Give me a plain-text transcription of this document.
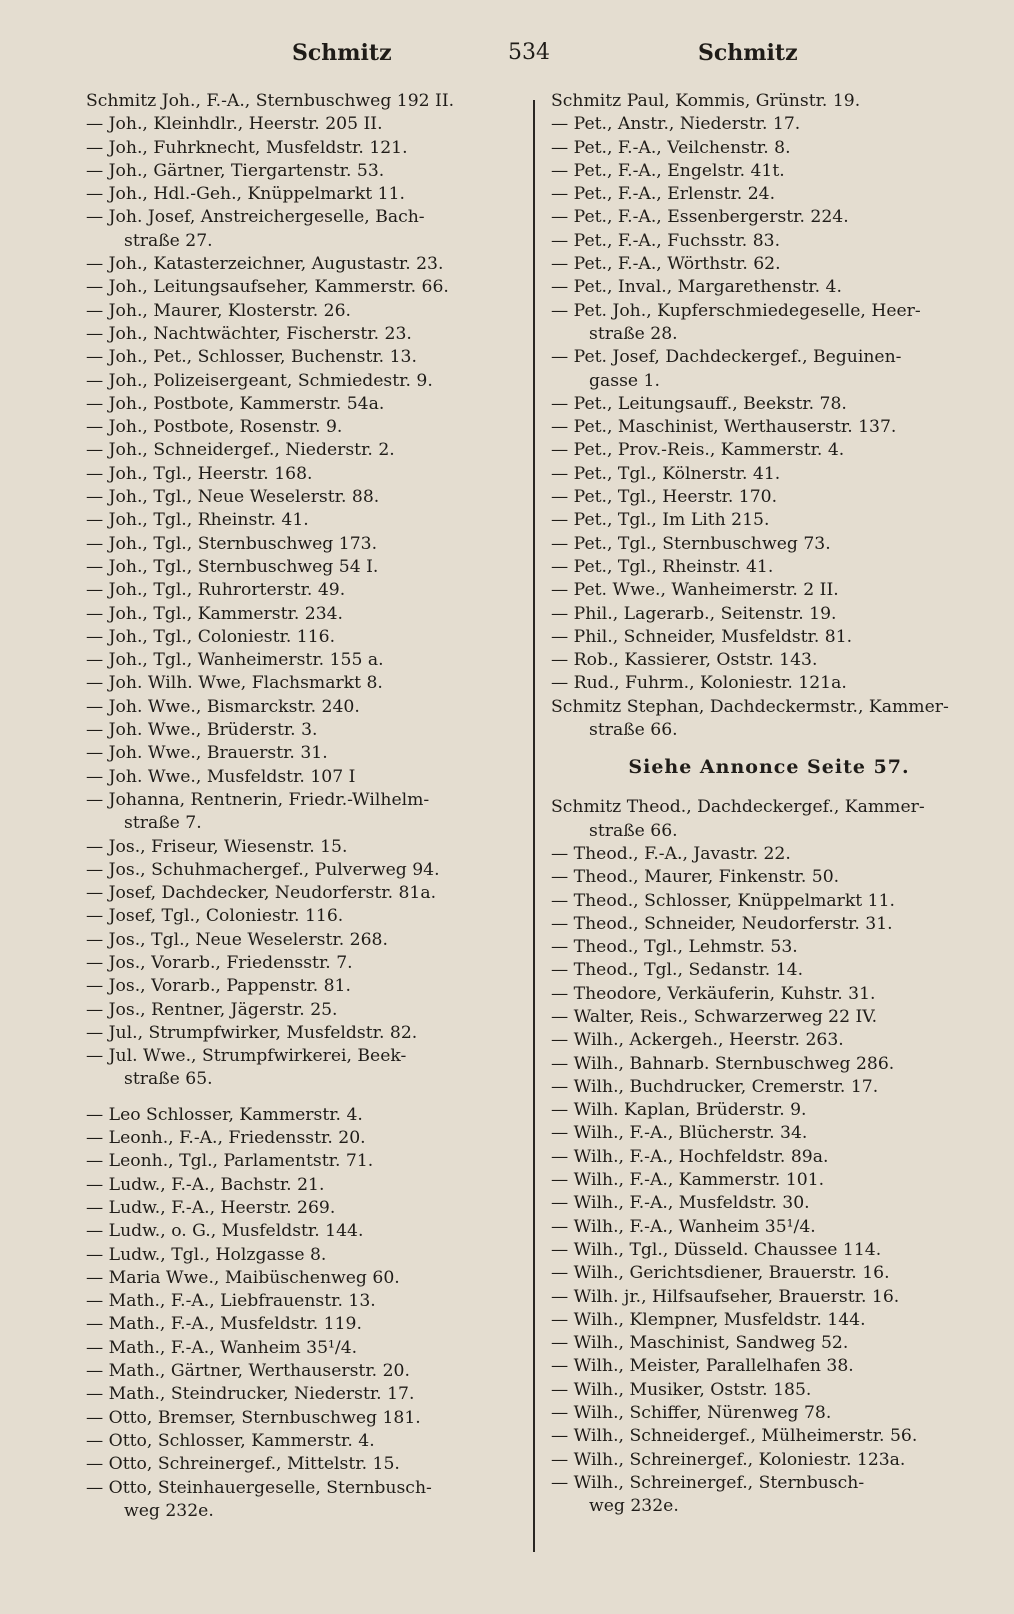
Schmitz	534	Schmitz
Schmitz Joh., F.-A., Sternbuschweg 192 II.
— Joh., Kleinhdlr., Heerstr. 205 II.
— Joh., Fuhrknecht, Musfeldstr. 121.
— Joh., Gärtner, Tiergartenstr. 53.
— Joh., Hdl.-Geh., Knüppelmarkt 11.
— Joh. Josef, Anstreichergeselle, Bach-
straße 27.
— Joh., Katasterzeichner, Augustastr. 23.
— Joh., Leitungsaufseher, Kammerstr. 66.
— Joh., Maurer, Klosterstr. 26.
— Joh., Nachtwächter, Fischerstr. 23.
— Joh., Pet., Schlosser, Buchenstr. 13.
— Joh., Polizeisergeant, Schmiedestr. 9.
— Joh., Postbote, Kammerstr. 54a.
— Joh., Postbote, Rosenstr. 9.
— Joh., Schneidergef., Niederstr. 2.
— Joh., Tgl., Heerstr. 168.
— Joh., Tgl., Neue Weselerstr. 88.
— Joh., Tgl., Rheinstr. 41.
— Joh., Tgl., Sternbuschweg 173.
— Joh., Tgl., Sternbuschweg 54 I.
— Joh., Tgl., Ruhrorterstr. 49.
— Joh., Tgl., Kammerstr. 234.
— Joh., Tgl., Coloniestr. 116.
— Joh., Tgl., Wanheimerstr. 155 a.
— Joh. Wilh. Wwe, Flachsmarkt 8.
— Joh. Wwe., Bismarckstr. 240.
— Joh. Wwe., Brüderstr. 3.
— Joh. Wwe., Brauerstr. 31.
— Joh. Wwe., Musfeldstr. 107 I
— Johanna, Rentnerin, Friedr.-Wilhelm-
straße 7.
— Jos., Friseur, Wiesenstr. 15.
— Jos., Schuhmachergef., Pulverweg 94.
— Josef, Dachdecker, Neudorferstr. 81a.
— Josef, Tgl., Coloniestr. 116.
— Jos., Tgl., Neue Weselerstr. 268.
— Jos., Vorarb., Friedensstr. 7.
— Jos., Vorarb., Pappenstr. 81.
— Jos., Rentner, Jägerstr. 25.
— Jul., Strumpfwirker, Musfeldstr. 82.
— Jul. Wwe., Strumpfwirkerei, Beek-
straße 65.
— Leo Schlosser, Kammerstr. 4.
— Leonh., F.-A., Friedensstr. 20.
— Leonh., Tgl., Parlamentstr. 71.
— Ludw., F.-A., Bachstr. 21.
— Ludw., F.-A., Heerstr. 269.
— Ludw., o. G., Musfeldstr. 144.
— Ludw., Tgl., Holzgasse 8.
— Maria Wwe., Maibüschenweg 60.
— Math., F.-A., Liebfrauenstr. 13.
— Math., F.-A., Musfeldstr. 119.
— Math., F.-A., Wanheim 35¹/4.
— Math., Gärtner, Werthauserstr. 20.
— Math., Steindrucker, Niederstr. 17.
— Otto, Bremser, Sternbuschweg 181.
— Otto, Schlosser, Kammerstr. 4.
— Otto, Schreinergef., Mittelstr. 15.
— Otto, Steinhauergeselle, Sternbusch-
weg 232e.
Schmitz Paul, Kommis, Grünstr. 19.
— Pet., Anstr., Niederstr. 17.
— Pet., F.-A., Veilchenstr. 8.
— Pet., F.-A., Engelstr. 41t.
— Pet., F.-A., Erlenstr. 24.
— Pet., F.-A., Essenbergerstr. 224.
— Pet., F.-A., Fuchsstr. 83.
— Pet., F.-A., Wörthstr. 62.
— Pet., Inval., Margarethenstr. 4.
— Pet. Joh., Kupferschmiedegeselle, Heer-
straße 28.
— Pet. Josef, Dachdeckergef., Beguinen-
gasse 1.
— Pet., Leitungsauff., Beekstr. 78.
— Pet., Maschinist, Werthauserstr. 137.
— Pet., Prov.-Reis., Kammerstr. 4.
— Pet., Tgl., Kölnerstr. 41.
— Pet., Tgl., Heerstr. 170.
— Pet., Tgl., Im Lith 215.
— Pet., Tgl., Sternbuschweg 73.
— Pet., Tgl., Rheinstr. 41.
— Pet. Wwe., Wanheimerstr. 2 II.
— Phil., Lagerarb., Seitenstr. 19.
— Phil., Schneider, Musfeldstr. 81.
— Rob., Kassierer, Oststr. 143.
— Rud., Fuhrm., Koloniestr. 121a.
Schmitz Stephan, Dachdeckermstr., Kammer-
straße 66.
Siehe Annonce Seite 57.
Schmitz Theod., Dachdeckergef., Kammer-
straße 66.
— Theod., F.-A., Javastr. 22.
— Theod., Maurer, Finkenstr. 50.
— Theod., Schlosser, Knüppelmarkt 11.
— Theod., Schneider, Neudorferstr. 31.
— Theod., Tgl., Lehmstr. 53.
— Theod., Tgl., Sedanstr. 14.
— Theodore, Verkäuferin, Kuhstr. 31.
— Walter, Reis., Schwarzerweg 22 IV.
— Wilh., Ackergeh., Heerstr. 263.
— Wilh., Bahnarb. Sternbuschweg 286.
— Wilh., Buchdrucker, Cremerstr. 17.
— Wilh. Kaplan, Brüderstr. 9.
— Wilh., F.-A., Blücherstr. 34.
— Wilh., F.-A., Hochfeldstr. 89a.
— Wilh., F.-A., Kammerstr. 101.
— Wilh., F.-A., Musfeldstr. 30.
— Wilh., F.-A., Wanheim 35¹/4.
— Wilh., Tgl., Düsseld. Chaussee 114.
— Wilh., Gerichtsdiener, Brauerstr. 16.
— Wilh. jr., Hilfsaufseher, Brauerstr. 16.
— Wilh., Klempner, Musfeldstr. 144.
— Wilh., Maschinist, Sandweg 52.
— Wilh., Meister, Parallelhafen 38.
— Wilh., Musiker, Oststr. 185.
— Wilh., Schiffer, Nürenweg 78.
— Wilh., Schneidergef., Mülheimerstr. 56.
— Wilh., Schreinergef., Koloniestr. 123a.
— Wilh., Schreinergef., Sternbusch-
weg 232e.
